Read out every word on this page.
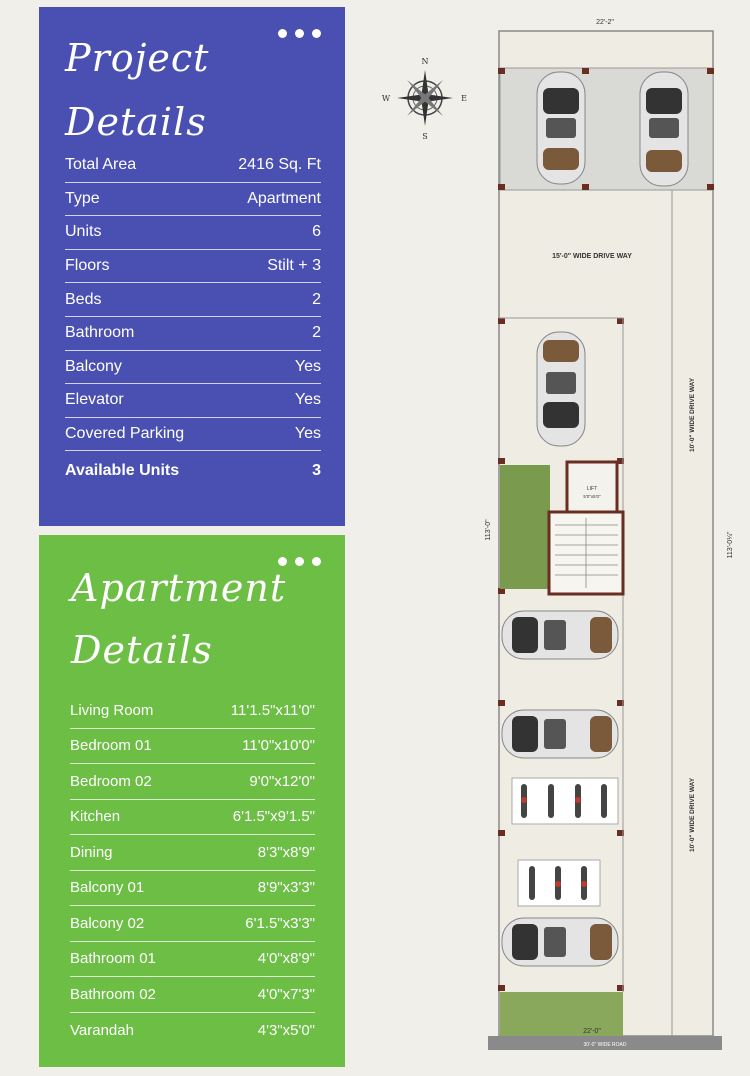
Project
Details
Total Area	2416 Sq. Ft
Type	Apartment
Units	6
Floors	Stilt + 3
Beds	2
Bathroom	2
Balcony	Yes
Elevator	Yes
Covered Parking	Yes
Available Units	3
Apartment
Details
Living Room	11'1.5"x11'0"
Bedroom 01	11'0"x10'0"
Bedroom 02	9'0"x12'0"
Kitchen	6'1.5"x9'1.5"
Dining	8'3"x8'9"
Balcony 01	8'9"x3'3"
Balcony 02	6'1.5"x3'3"
Bathroom 01	4'0"x8'9"
Bathroom 02	4'0"x7'3"
Varandah	4'3"x5'0"
N
S
E
W
LIFT
5'0"x5'0"
30'-0" WIDE ROAD
22'-2"
22'-0"
15'-0" WIDE DRIVE WAY
10'-0" WIDE DRIVE WAY
10'-0" WIDE DRIVE WAY
113'-0"
113'-0¼"
